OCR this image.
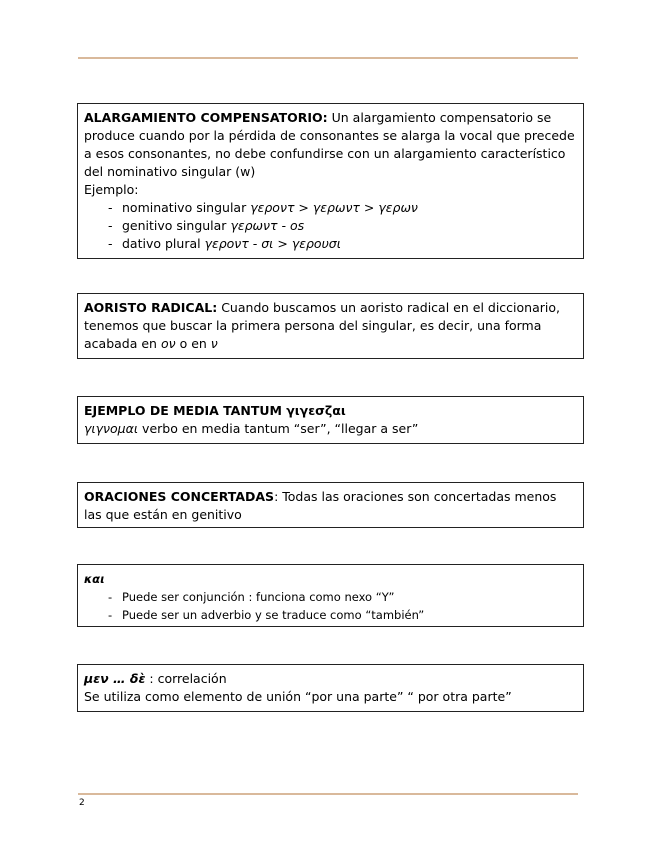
ALARGAMIENTO COMPENSATORIO: Un alargamiento compensatorio se produce cuando por la pérdida de consonantes se alarga la vocal que precede a esos consonantes, no debe confundirse con un alargamiento característico del nominativo singular (w)

Ejemplo:

- nominativo singular γεροντ > γερωντ > γερων
- genitivo singular γερωντ - os
- dativo plural γεροντ - σι > γερουσι

AORISTO RADICAL: Cuando buscamos un aoristo radical en el diccionario, tenemos que buscar la primera persona del singular, es decir, una forma acabada en ον o en ν

EJEMPLO DE MEDIA TANTUM γιγεσζαι

γιγνομαι verbo en media tantum “ser”, “llegar a ser”

ORACIONES CONCERTADAS: Todas las oraciones son concertadas menos las que están en genitivo

και

- Puede ser conjunción : funciona como nexo “Y”
- Puede ser un adverbio y se traduce como “también”

μεν … δὲ : correlación

Se utiliza como elemento de unión “por una parte” “ por otra parte”

2
